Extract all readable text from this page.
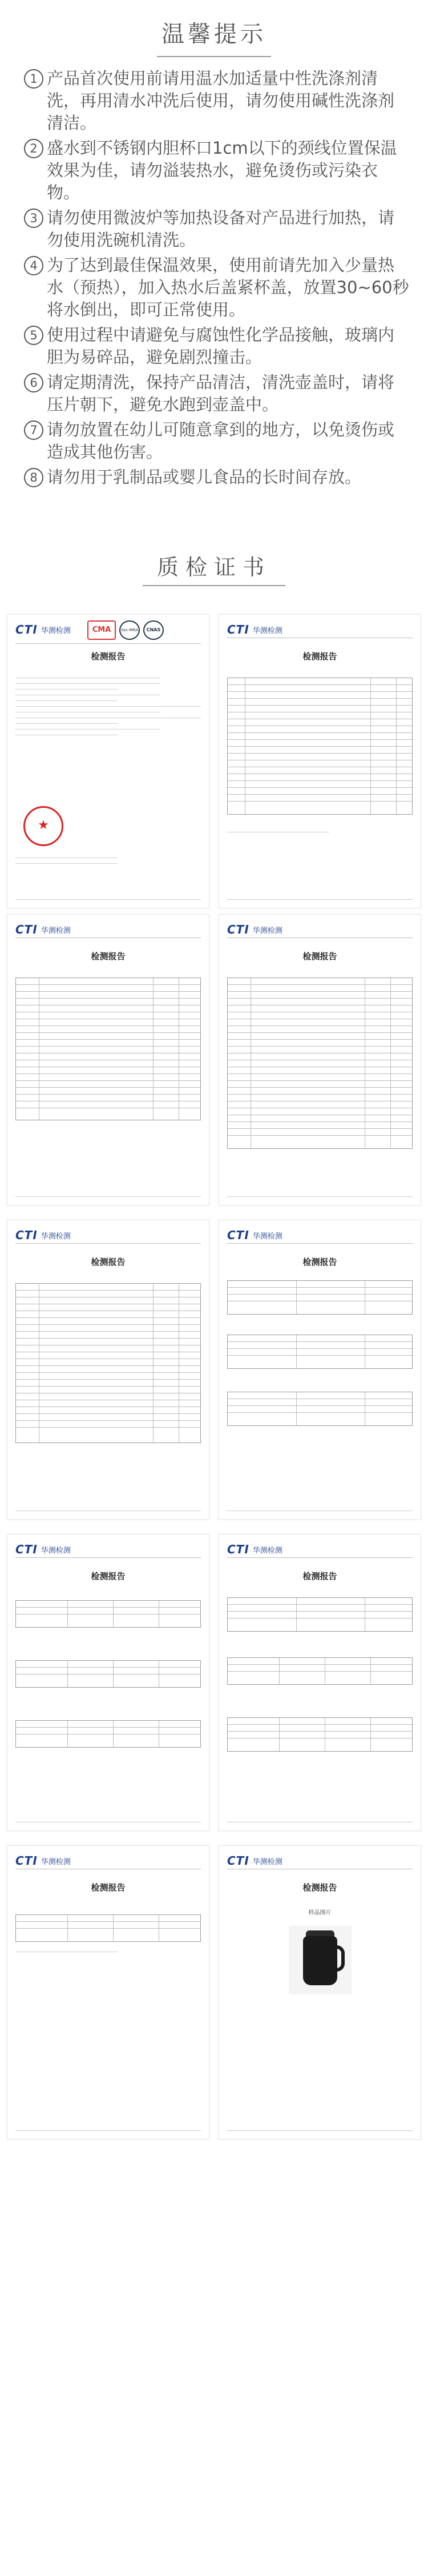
温馨提示
1 产品首次使用前请用温水加适量中性洗涤剂清洗，再用清水冲洗后使用，请勿使用碱性洗涤剂清洁。
2 盛水到不锈钢内胆杯口1cm以下的颈线位置保温效果为佳，请勿溢装热水，避免烫伤或污染衣物。
3 请勿使用微波炉等加热设备对产品进行加热，请勿使用洗碗机清洗。
4 为了达到最佳保温效果，使用前请先加入少量热水（预热），加入热水后盖紧杯盖，放置30~60秒将水倒出，即可正常使用。
5 使用过程中请避免与腐蚀性化学品接触，玻璃内胆为易碎品，避免剧烈撞击。
6 请定期清洗，保持产品清洁，清洗壶盖时，请将压片朝下，避免水跑到壶盖中。
7 请勿放置在幼儿可随意拿到的地方，以免烫伤或造成其他伤害。
8 请勿用于乳制品或婴儿食品的长时间存放。
质检证书
CTI 华测检测	CMA	ilac-MRA	CNAS
检测报告
★
CTI 华测检测
检测报告
CTI 华测检测
检测报告
CTI 华测检测
检测报告
CTI 华测检测
检测报告
CTI 华测检测
检测报告
CTI 华测检测
检测报告
CTI 华测检测
检测报告
CTI 华测检测
检测报告
CTI 华测检测
检测报告
样品图片
